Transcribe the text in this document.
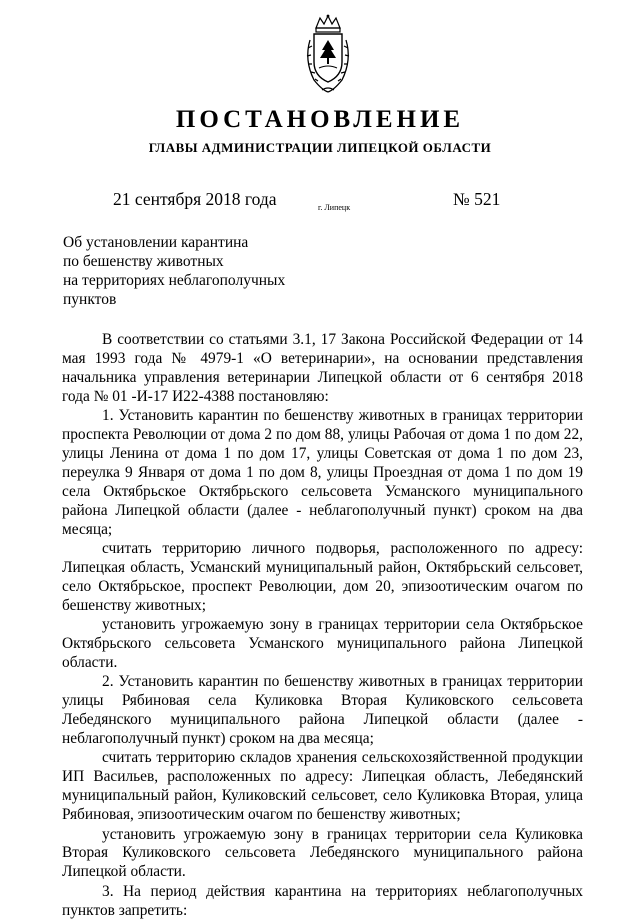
ПОСТАНОВЛЕНИЕ
ГЛАВЫ АДМИНИСТРАЦИИ ЛИПЕЦКОЙ ОБЛАСТИ
21 сентября 2018 года	г. Липецк	№ 521
Об установлении карантина
по бешенству животных
на территориях неблагополучных
пунктов

В соответствии со статьями 3.1, 17 Закона Российской Федерации от 14 мая 1993 года № 4979-1 «О ветеринарии», на основании представления начальника управления ветеринарии Липецкой области от 6 сентября 2018 года № 01 -И-17 И22-4388 постановляю:

1. Установить карантин по бешенству животных в границах территории проспекта Революции от дома 2 по дом 88, улицы Рабочая от дома 1 по дом 22, улицы Ленина от дома 1 по дом 17, улицы Советская от дома 1 по дом 23, переулка 9 Января от дома 1 по дом 8, улицы Проездная от дома 1 по дом 19 села Октябрьское Октябрьского сельсовета Усманского муниципального района Липецкой области (далее - неблагополучный пункт) сроком на два месяца;

считать территорию личного подворья, расположенного по адресу: Липецкая область, Усманский муниципальный район, Октябрьский сельсовет, село Октябрьское, проспект Революции, дом 20, эпизоотическим очагом по бешенству животных;

установить угрожаемую зону в границах территории села Октябрьское Октябрьского сельсовета Усманского муниципального района Липецкой области.

2. Установить карантин по бешенству животных в границах территории улицы Рябиновая села Куликовка Вторая Куликовского сельсовета Лебедянского муниципального района Липецкой области (далее - неблагополучный пункт) сроком на два месяца;

считать территорию складов хранения сельскохозяйственной продукции ИП Васильев, расположенных по адресу: Липецкая область, Лебедянский муниципальный район, Куликовский сельсовет, село Куликовка Вторая, улица Рябиновая, эпизоотическим очагом по бешенству животных;

установить угрожаемую зону в границах территории села Куликовка Вторая Куликовского сельсовета Лебедянского муниципального района Липецкой области.

3. На период действия карантина на территориях неблагополучных пунктов запретить:
